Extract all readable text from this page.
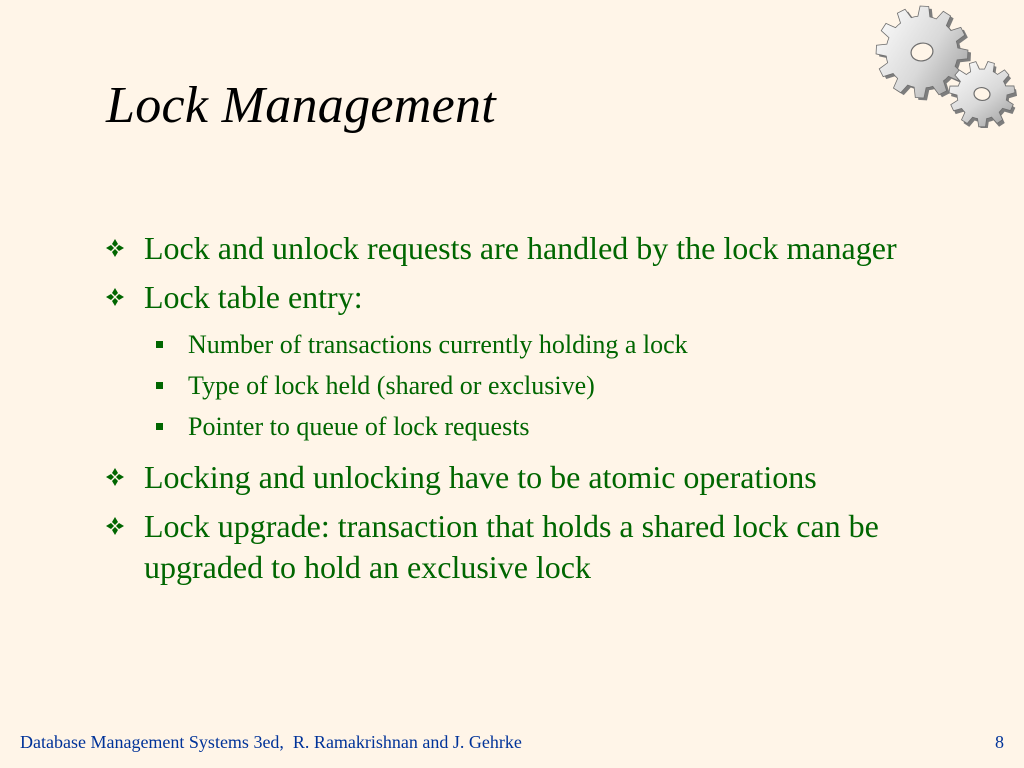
Lock Management
Lock and unlock requests are handled by the lock manager
Lock table entry:
Number of transactions currently holding a lock
Type of lock held (shared or exclusive)
Pointer to queue of lock requests
Locking and unlocking have to be atomic operations
Lock upgrade: transaction that holds a shared lock can be upgraded to hold an exclusive lock
Database Management Systems 3ed,  R. Ramakrishnan and J. Gehrke	8
